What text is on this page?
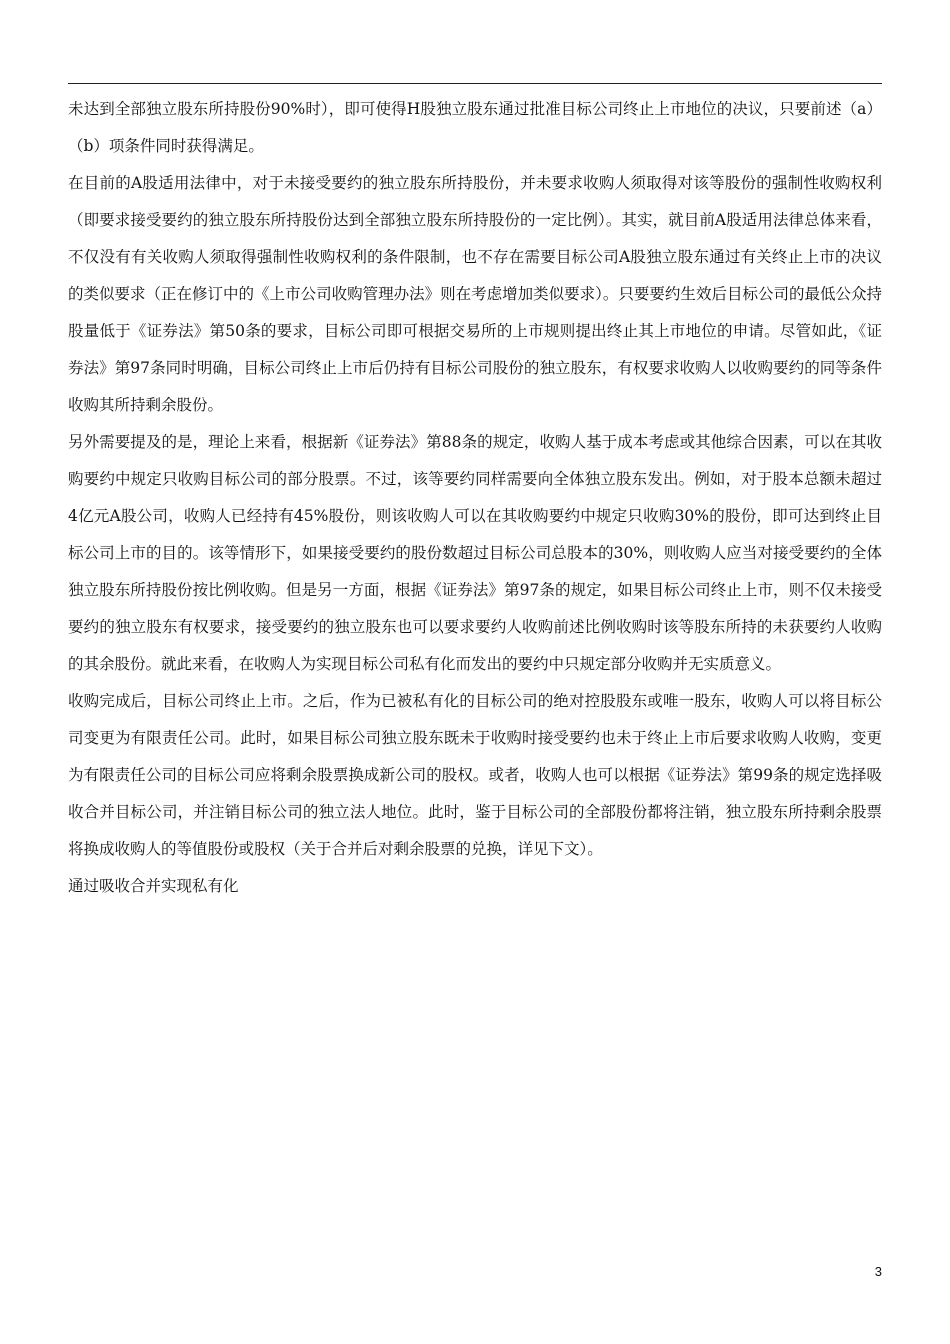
未达到全部独立股东所持股份90%时），即可使得H股独立股东通过批准目标公司终止上市地位的决议，只要前述（a）（b）项条件同时获得满足。

在目前的A股适用法律中，对于未接受要约的独立股东所持股份，并未要求收购人须取得对该等股份的强制性收购权利（即要求接受要约的独立股东所持股份达到全部独立股东所持股份的一定比例）。其实，就目前A股适用法律总体来看，不仅没有有关收购人须取得强制性收购权利的条件限制，也不存在需要目标公司A股独立股东通过有关终止上市的决议的类似要求（正在修订中的《上市公司收购管理办法》则在考虑增加类似要求）。只要要约生效后目标公司的最低公众持股量低于《证券法》第50条的要求，目标公司即可根据交易所的上市规则提出终止其上市地位的申请。尽管如此，《证券法》第97条同时明确，目标公司终止上市后仍持有目标公司股份的独立股东，有权要求收购人以收购要约的同等条件收购其所持剩余股份。

另外需要提及的是，理论上来看，根据新《证券法》第88条的规定，收购人基于成本考虑或其他综合因素，可以在其收购要约中规定只收购目标公司的部分股票。不过，该等要约同样需要向全体独立股东发出。例如，对于股本总额未超过4亿元A股公司，收购人已经持有45%股份，则该收购人可以在其收购要约中规定只收购30%的股份，即可达到终止目标公司上市的目的。该等情形下，如果接受要约的股份数超过目标公司总股本的30%，则收购人应当对接受要约的全体独立股东所持股份按比例收购。但是另一方面，根据《证券法》第97条的规定，如果目标公司终止上市，则不仅未接受要约的独立股东有权要求，接受要约的独立股东也可以要求要约人收购前述比例收购时该等股东所持的未获要约人收购的其余股份。就此来看，在收购人为实现目标公司私有化而发出的要约中只规定部分收购并无实质意义。

收购完成后，目标公司终止上市。之后，作为已被私有化的目标公司的绝对控股股东或唯一股东，收购人可以将目标公司变更为有限责任公司。此时，如果目标公司独立股东既未于收购时接受要约也未于终止上市后要求收购人收购，变更为有限责任公司的目标公司应将剩余股票换成新公司的股权。或者，收购人也可以根据《证券法》第99条的规定选择吸收合并目标公司，并注销目标公司的独立法人地位。此时，鉴于目标公司的全部股份都将注销，独立股东所持剩余股票将换成收购人的等值股份或股权（关于合并后对剩余股票的兑换，详见下文）。

通过吸收合并实现私有化

3
